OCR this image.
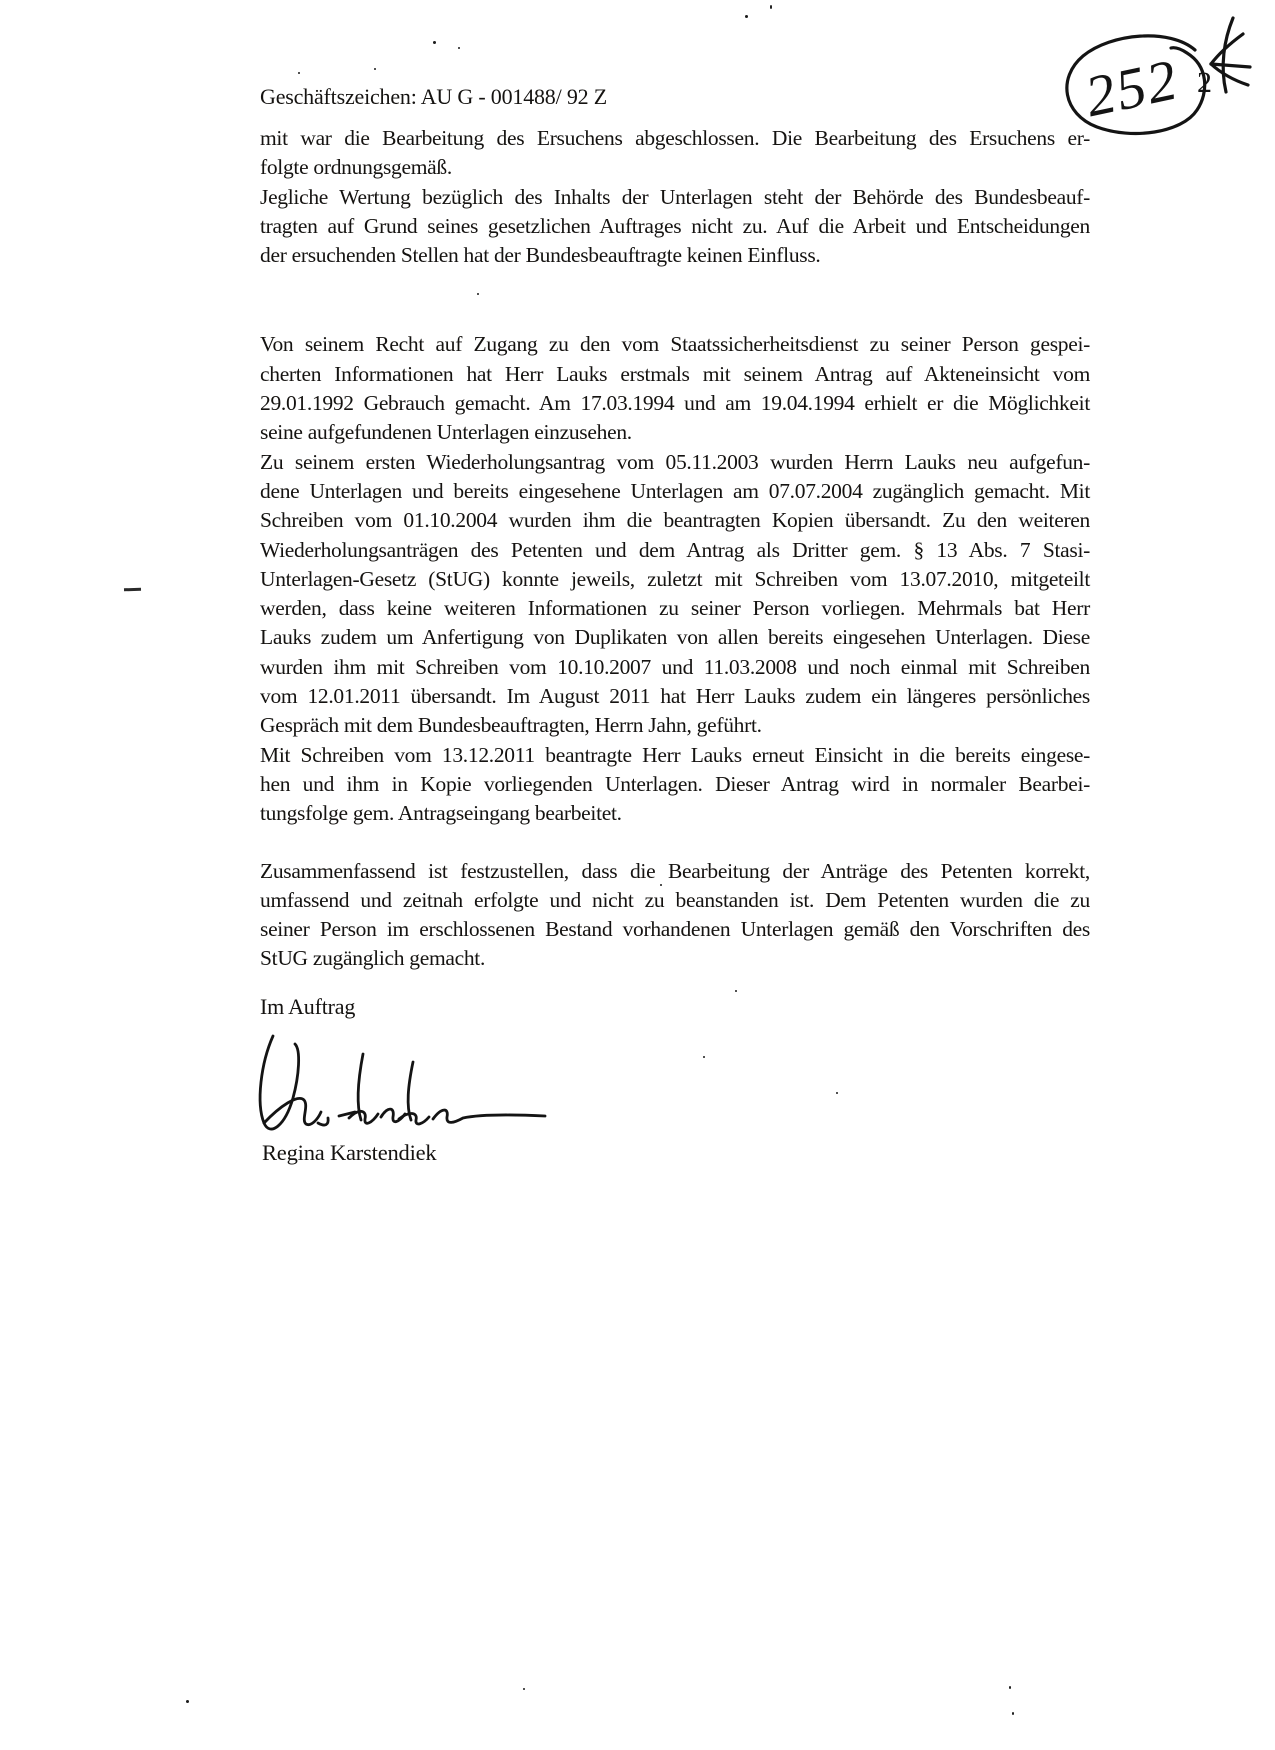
Geschäftszeichen: AU G - 001488/ 92 Z	252 2
mit war die Bearbeitung des Ersuchens abgeschlossen. Die Bearbeitung des Ersuchens er-
folgte ordnungsgemäß.
Jegliche Wertung bezüglich des Inhalts der Unterlagen steht der Behörde des Bundesbeauf-
tragten auf Grund seines gesetzlichen Auftrages nicht zu. Auf die Arbeit und Entscheidungen
der ersuchenden Stellen hat der Bundesbeauftragte keinen Einfluss.
Von seinem Recht auf Zugang zu den vom Staatssicherheitsdienst zu seiner Person gespei-
cherten Informationen hat Herr Lauks erstmals mit seinem Antrag auf Akteneinsicht vom
29.01.1992 Gebrauch gemacht. Am 17.03.1994 und am 19.04.1994 erhielt er die Möglichkeit
seine aufgefundenen Unterlagen einzusehen.
Zu seinem ersten Wiederholungsantrag vom 05.11.2003 wurden Herrn Lauks neu aufgefun-
dene Unterlagen und bereits eingesehene Unterlagen am 07.07.2004 zugänglich gemacht. Mit
Schreiben vom 01.10.2004 wurden ihm die beantragten Kopien übersandt. Zu den weiteren
Wiederholungsanträgen des Petenten und dem Antrag als Dritter gem. § 13 Abs. 7 Stasi-
Unterlagen-Gesetz (StUG) konnte jeweils, zuletzt mit Schreiben vom 13.07.2010, mitgeteilt
werden, dass keine weiteren Informationen zu seiner Person vorliegen. Mehrmals bat Herr
Lauks zudem um Anfertigung von Duplikaten von allen bereits eingesehen Unterlagen. Diese
wurden ihm mit Schreiben vom 10.10.2007 und 11.03.2008 und noch einmal mit Schreiben
vom 12.01.2011 übersandt. Im August 2011 hat Herr Lauks zudem ein längeres persönliches
Gespräch mit dem Bundesbeauftragten, Herrn Jahn, geführt.
Mit Schreiben vom 13.12.2011 beantragte Herr Lauks erneut Einsicht in die bereits eingese-
hen und ihm in Kopie vorliegenden Unterlagen. Dieser Antrag wird in normaler Bearbei-
tungsfolge gem. Antragseingang bearbeitet.
Zusammenfassend ist festzustellen, dass die Bearbeitung der Anträge des Petenten korrekt,
umfassend und zeitnah erfolgte und nicht zu beanstanden ist. Dem Petenten wurden die zu
seiner Person im erschlossenen Bestand vorhandenen Unterlagen gemäß den Vorschriften des
StUG zugänglich gemacht.
Im Auftrag
Regina Karstendiek
